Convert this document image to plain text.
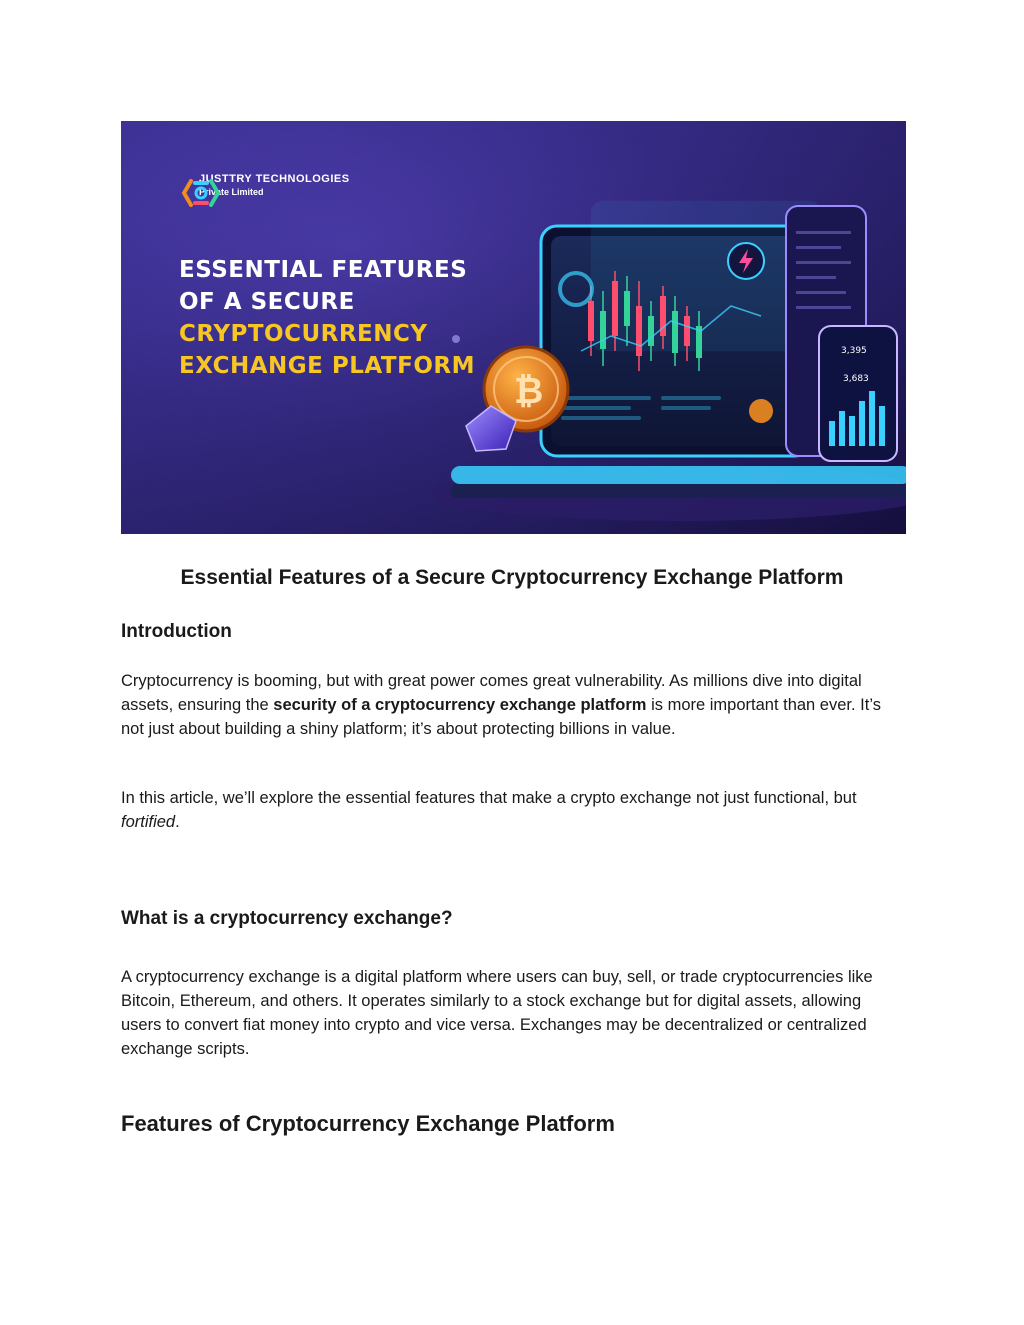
3,395
3,683
₿
JUSTTRY TECHNOLOGIES
Private Limited
ESSENTIAL FEATURES
OF A SECURE
CRYPTOCURRENCY
EXCHANGE PLATFORM
Essential Features of a Secure Cryptocurrency Exchange Platform
Introduction

Cryptocurrency is booming, but with great power comes great vulnerability. As millions dive into digital assets, ensuring the security of a cryptocurrency exchange platform is more important than ever. It’s not just about building a shiny platform; it’s about protecting billions in value.

In this article, we’ll explore the essential features that make a crypto exchange not just functional, but fortified.

What is a cryptocurrency exchange?

A cryptocurrency exchange is a digital platform where users can buy, sell, or trade cryptocurrencies like Bitcoin, Ethereum, and others. It operates similarly to a stock exchange but for digital assets, allowing users to convert fiat money into crypto and vice versa. Exchanges may be decentralized or centralized exchange scripts.

Features of Cryptocurrency Exchange Platform
